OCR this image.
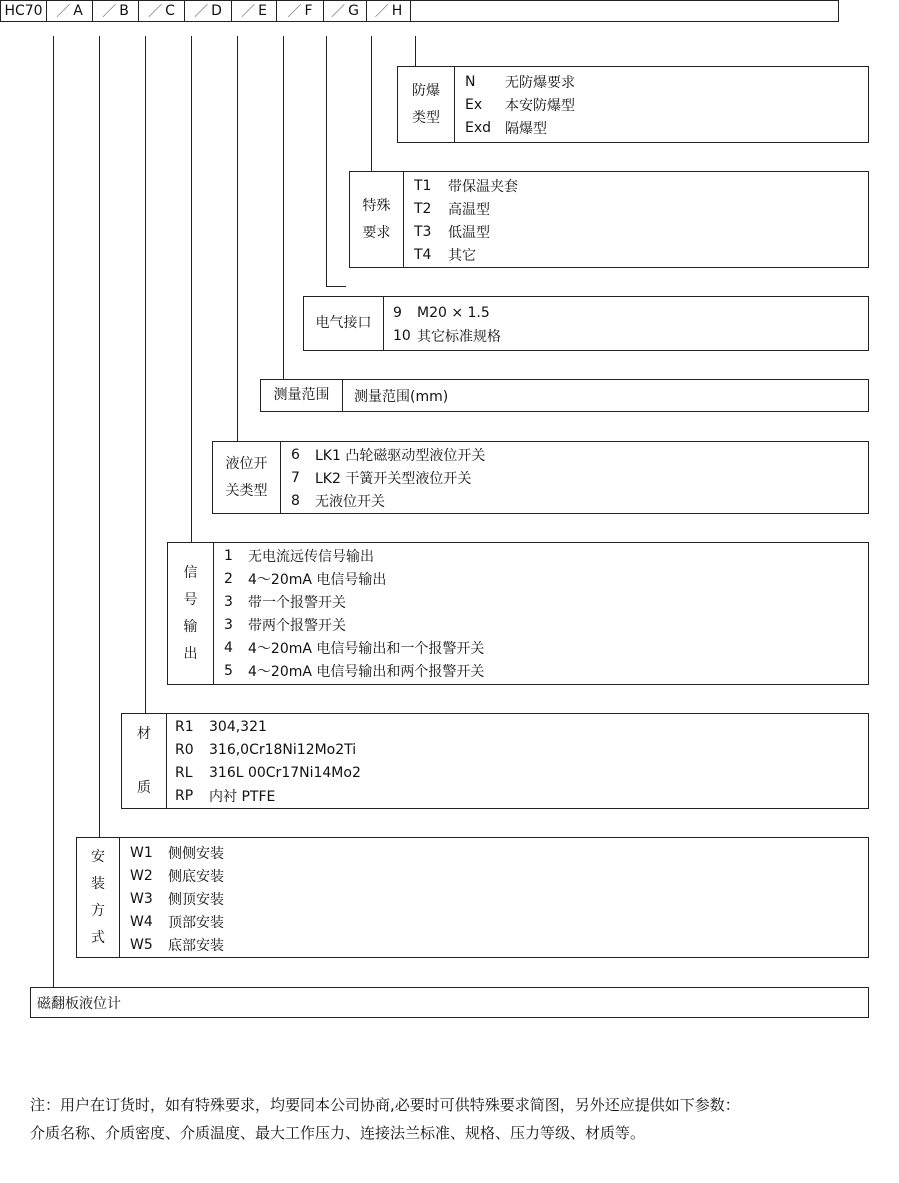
HC70 ／ A ／ B ／ C ／ D ／ E ／ F ／ G ／ H
防爆
类型
N	无防爆要求
Ex	本安防爆型
Exd 隔爆型
特殊
要求
T1	带保温夹套
T2	高温型
T3	低温型
T4	其它
电气接口
9	M20 × 1.5
10 其它标准规格
测量范围 测量范围(mm)
液位开
关类型
6	LK1 凸轮磁驱动型液位开关
7	LK2 干簧开关型液位开关
8	无液位开关
信
号
输
出
1	无电流远传信号输出
2	4～20mA 电信号输出
3	带一个报警开关
3	带两个报警开关
4	4～20mA 电信号输出和一个报警开关
5	4～20mA 电信号输出和两个报警开关
材
质
R1	304,321
R0	316,0Cr18Ni12Mo2Ti
RL	316L 00Cr17Ni14Mo2
RP	内衬 PTFE
安
装
方
式
W1	侧侧安装
W2	侧底安装
W3	侧顶安装
W4	顶部安装
W5	底部安装
磁翻板液位计
注：用户在订货时，如有特殊要求，均要同本公司协商,必要时可供特殊要求简图，另外还应提供如下参数：
介质名称、介质密度、介质温度、最大工作压力、连接法兰标准、规格、压力等级、材质等。
